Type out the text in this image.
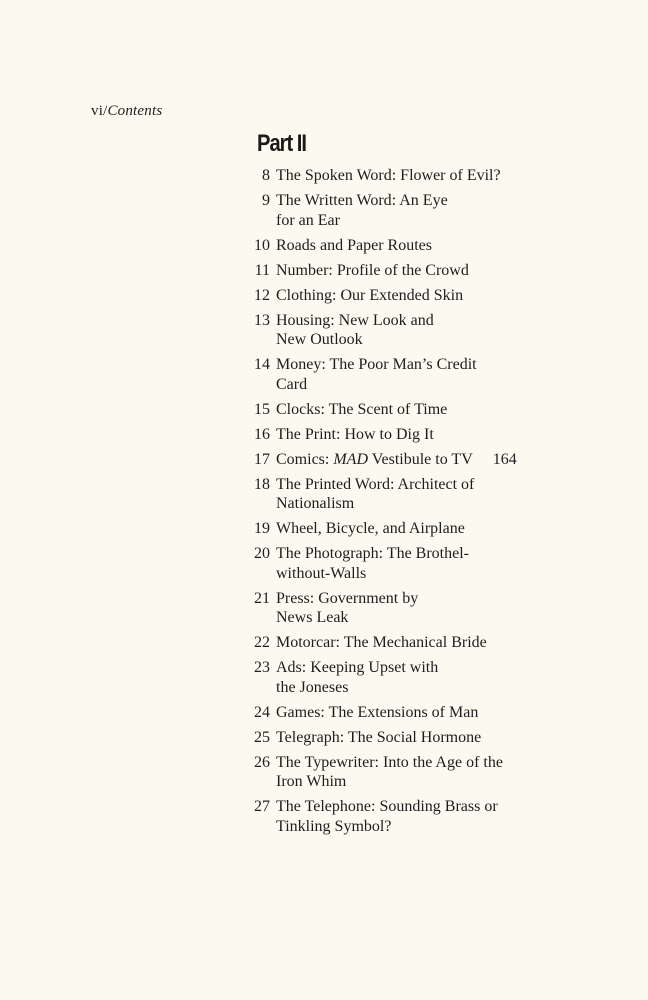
vi/Contents
Part II
8 The Spoken Word: Flower of Evil?
9 The Written Word: An Eye
for an Ear
10 Roads and Paper Routes
11 Number: Profile of the Crowd
12 Clothing: Our Extended Skin
13 Housing: New Look and
New Outlook
14 Money: The Poor Man’s Credit
Card
15 Clocks: The Scent of Time
16 The Print: How to Dig It
17 Comics: MAD Vestibule to TV 164
18 The Printed Word: Architect of
Nationalism
19 Wheel, Bicycle, and Airplane
20 The Photograph: The Brothel-
without-Walls
21 Press: Government by
News Leak
22 Motorcar: The Mechanical Bride
23 Ads: Keeping Upset with
the Joneses
24 Games: The Extensions of Man
25 Telegraph: The Social Hormone
26 The Typewriter: Into the Age of the
Iron Whim
27 The Telephone: Sounding Brass or
Tinkling Symbol?
